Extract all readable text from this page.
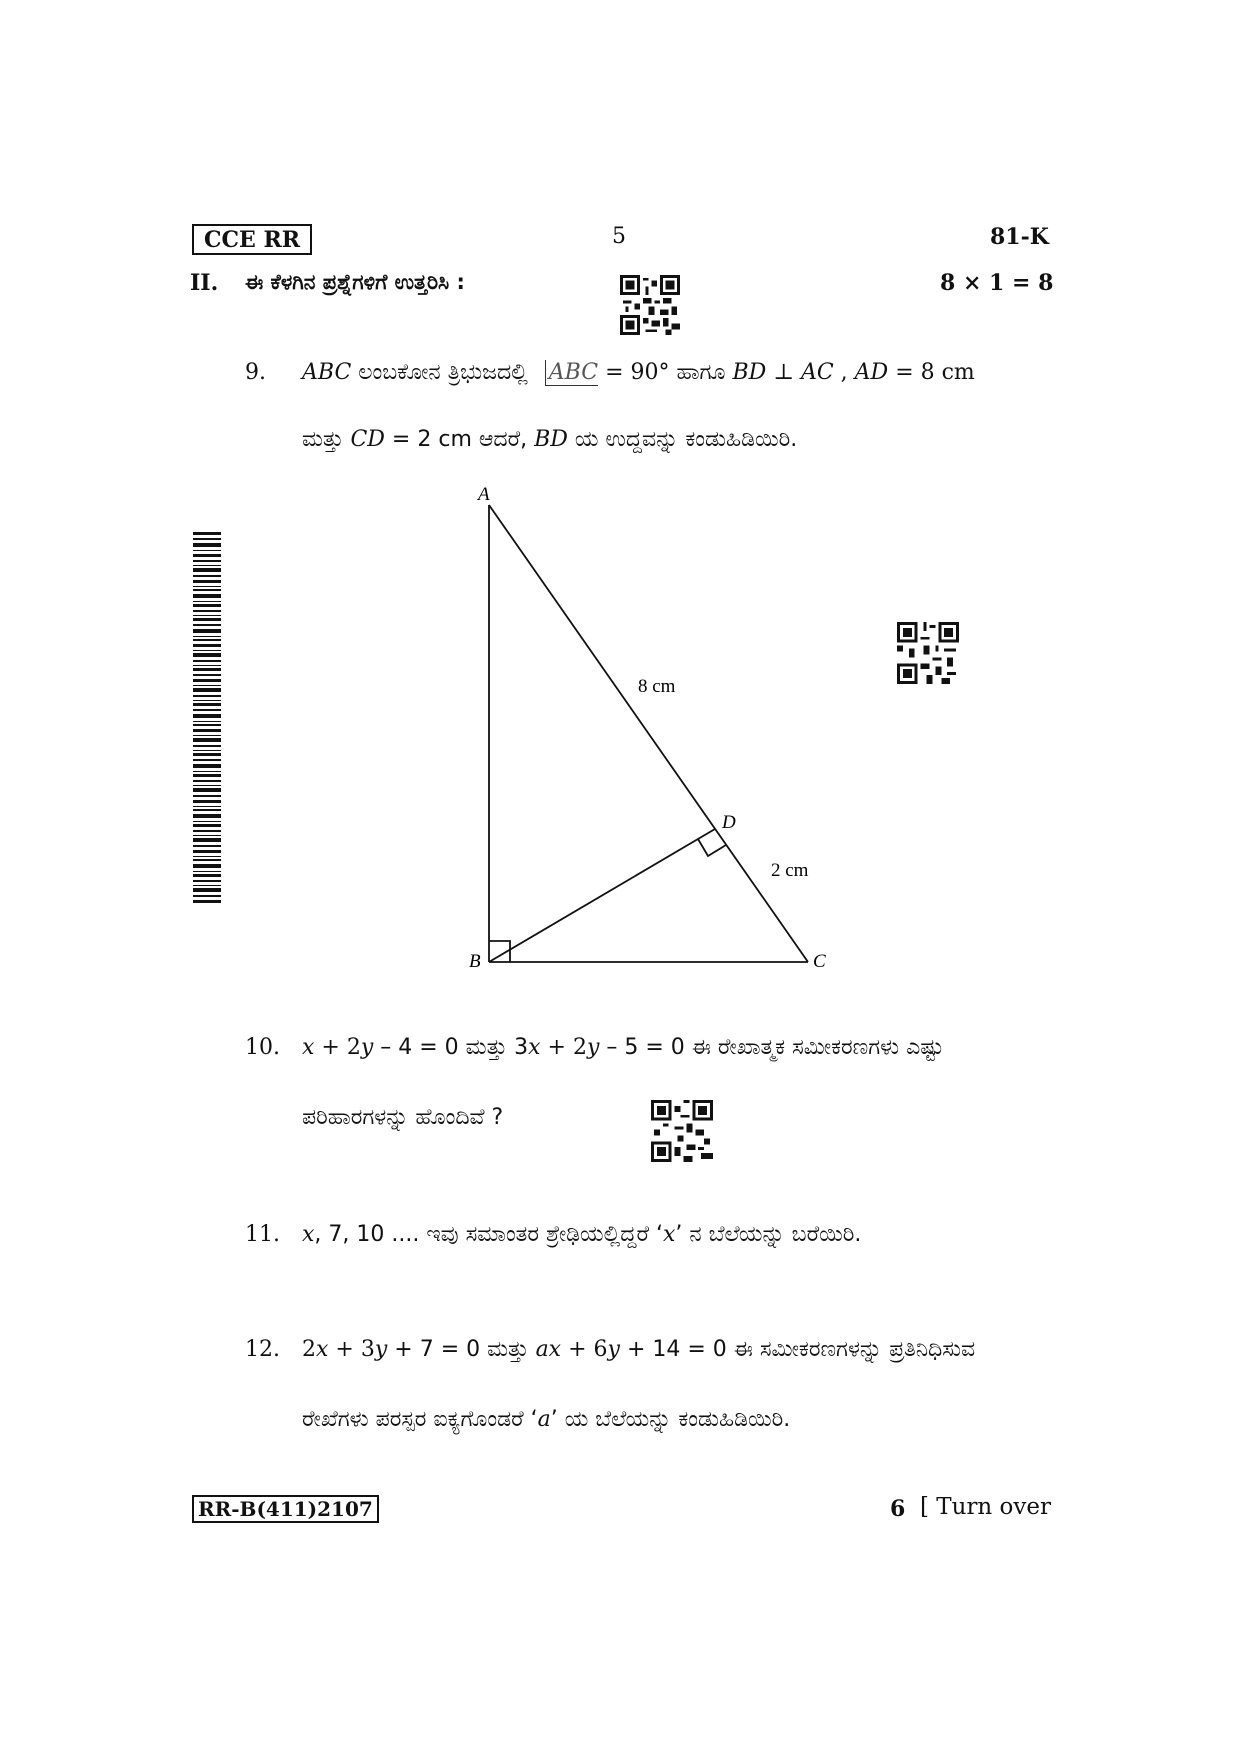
CCE RR	5	81-K
II. ಈ ಕೆಳಗಿನ ಪ್ರಶ್ನೆಗಳಿಗೆ ಉತ್ತರಿಸಿ :	8 × 1 = 8
9. ABC ಲಂಬಕೋನ ತ್ರಿಭುಜದಲ್ಲಿ ABC = 90° ಹಾಗೂ BD ⊥ AC , AD = 8 cm
ಮತ್ತು CD = 2 cm ಆದರೆ, BD ಯ ಉದ್ದವನ್ನು ಕಂಡುಹಿಡಿಯಿರಿ.
A
B	C
D
8 cm
2 cm
10. x + 2y – 4 = 0 ಮತ್ತು 3x + 2y – 5 = 0 ಈ ರೇಖಾತ್ಮಕ ಸಮೀಕರಣಗಳು ಎಷ್ಟು
ಪರಿಹಾರಗಳನ್ನು ಹೊಂದಿವೆ ?
11. x, 7, 10 .... ಇವು ಸಮಾಂತರ ಶ್ರೇಢಿಯಲ್ಲಿದ್ದರೆ ‘x’ ನ ಬೆಲೆಯನ್ನು ಬರೆಯಿರಿ.
12. 2x + 3y + 7 = 0 ಮತ್ತು ax + 6y + 14 = 0 ಈ ಸಮೀಕರಣಗಳನ್ನು ಪ್ರತಿನಿಧಿಸುವ
ರೇಖೆಗಳು ಪರಸ್ಪರ ಐಕ್ಯಗೊಂಡರೆ ‘a’ ಯ ಬೆಲೆಯನ್ನು ಕಂಡುಹಿಡಿಯಿರಿ.
RR-B(411)2107	6 [ Turn over
